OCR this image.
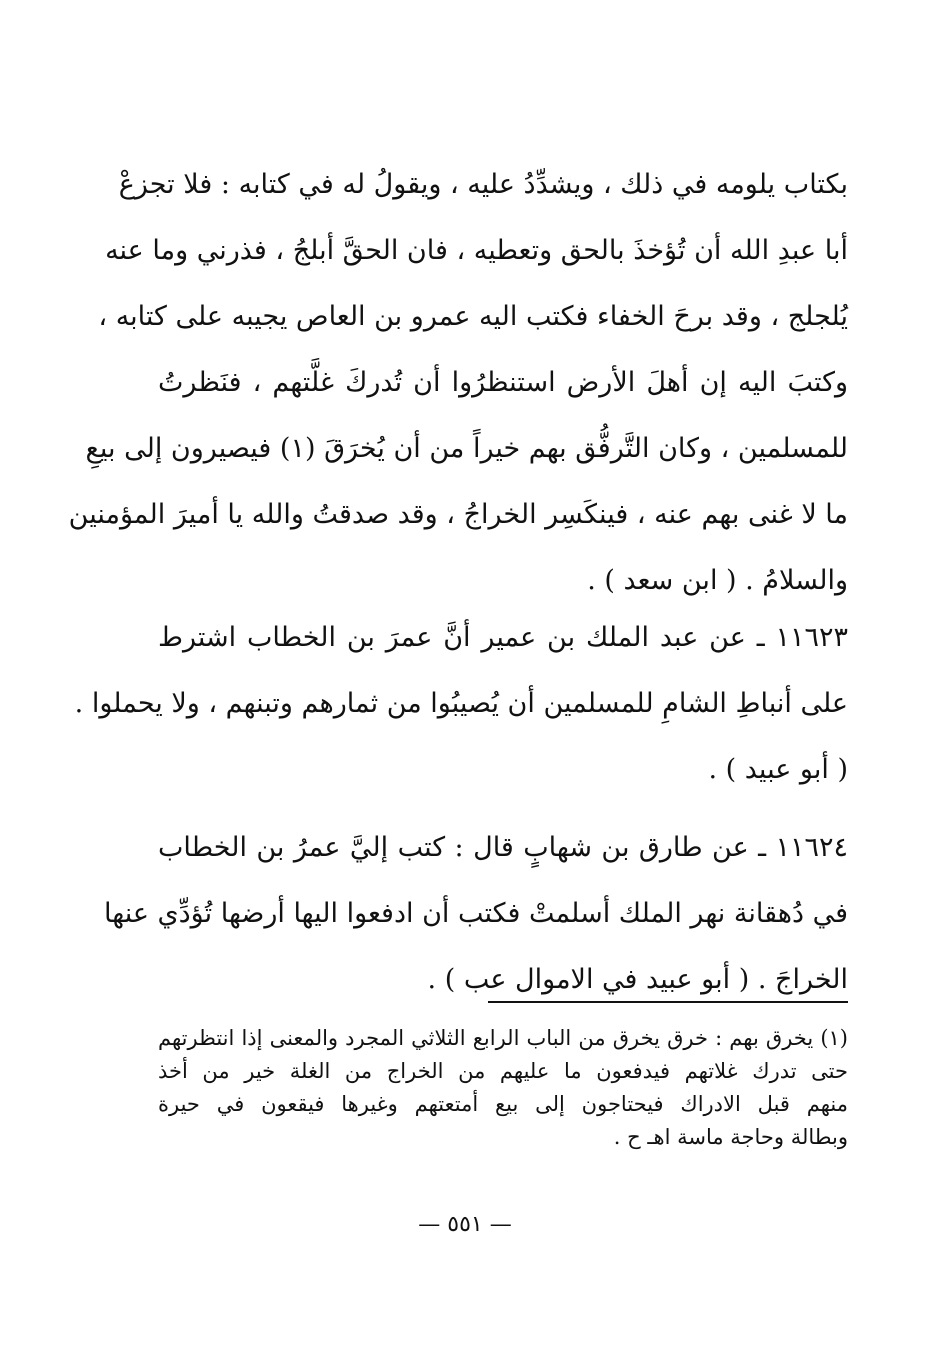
بكتاب يلومه في ذلك ، ويشدِّدُ عليه ، ويقولُ له في كتابه : فلا تجزعْ
أبا عبدِ الله أن تُؤخذَ بالحق وتعطيه ، فان الحقَّ أبلجُ ، فذرني وما عنه
يُلجلج ، وقد برحَ الخفاء فكتب اليه عمرو بن العاص يجيبه على كتابه ،
وكتبَ اليه إن أهلَ الأرض استنظرُوا أن تُدركَ غلَّتهم ، فنَظرتُ
للمسلمين ، وكان التَّرفُّق بهم خيراً من أن يُخرَقَ (١) فيصيرون إلى بيعِ
ما لا غنى بهم عنه ، فينكَسِر الخراجُ ، وقد صدقتُ والله يا أميرَ المؤمنين
والسلامُ . ( ابن سعد ) .
١١٦٢٣ ـ عن عبد الملك بن عمير أنَّ عمرَ بن الخطاب اشترط
على أنباطِ الشامِ للمسلمين أن يُصيبُوا من ثمارهم وتبنهم ، ولا يحملوا .
( أبو عبيد ) .
١١٦٢٤ ـ عن طارق بن شهابٍ قال : كتب إليَّ عمرُ بن الخطاب
في دُهقانة نهر الملك أسلمتْ فكتب أن ادفعوا اليها أرضها تُؤدِّي عنها
الخراجَ . ( أبو عبيد في الاموال عب ) .
(١) يخرق بهم : خرق يخرق من الباب الرابع الثلاثي المجرد والمعنى إذا انتظرتهم
حتى تدرك غلاتهم فيدفعون ما عليهم من الخراج من الغلة خير من أخذ
منهم قبل الادراك فيحتاجون إلى بيع أمتعتهم وغيرها فيقعون في حيرة
وبطالة وحاجة ماسة اهـ ح .
— ٥٥١ —
